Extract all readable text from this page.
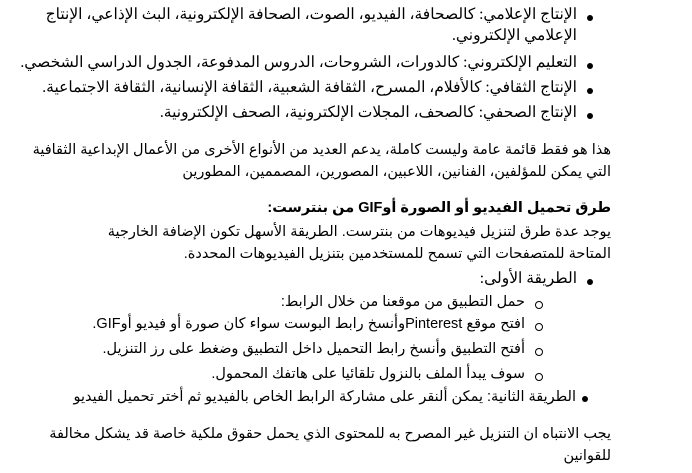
الإنتاج الإعلامي: كالصحافة، الفيديو، الصوت، الصحافة الإلكترونية، البث الإذاعي، الإنتاج
الإعلامي الإلكتروني.
التعليم الإلكتروني: كالدورات، الشروحات، الدروس المدفوعة، الجدول الدراسي الشخصي.
الإنتاج الثقافي: كالأفلام، المسرح، الثقافة الشعبية، الثقافة الإنسانية، الثقافة الاجتماعية.
الإنتاج الصحفي: كالصحف، المجلات الإلكترونية، الصحف الإلكترونية.
هذا هو فقط قائمة عامة وليست كاملة، يدعم العديد من الأنواع الأخرى من الأعمال الإبداعية الثقافية
التي يمكن للمؤلفين، الفنانين، اللاعبين، المصورين، المصممين، المطورين
طرق تحميل الفيديو أو الصورة أوGIF من بنترست:
يوجد عدة طرق لتنزيل فيديوهات من بنترست. الطريقة الأسهل تكون الإضافة الخارجية
المتاحة للمتصفحات التي تسمح للمستخدمين بتنزيل الفيديوهات المحددة.
الطريقة الأولى:
حمل التطبيق من موقعنا من خلال الرابط:
افتح موقع Pinterestوأنسخ رابط البوست سواء كان صورة أو فيديو أوGIF.
أفتح التطبيق وأنسخ رابط التحميل داخل التطبيق وضغط على رز التنزيل.
سوف يبدأ الملف بالنزول تلقائيا على هاتفك المحمول.
الطريقة الثانية: يمكن ألنقر على مشاركة الرابط الخاص بالفيديو ثم أختر تحميل الفيديو
يجب الانتباه ان التنزيل غير المصرح به للمحتوى الذي يحمل حقوق ملكية خاصة قد يشكل مخالفة
للقوانين
